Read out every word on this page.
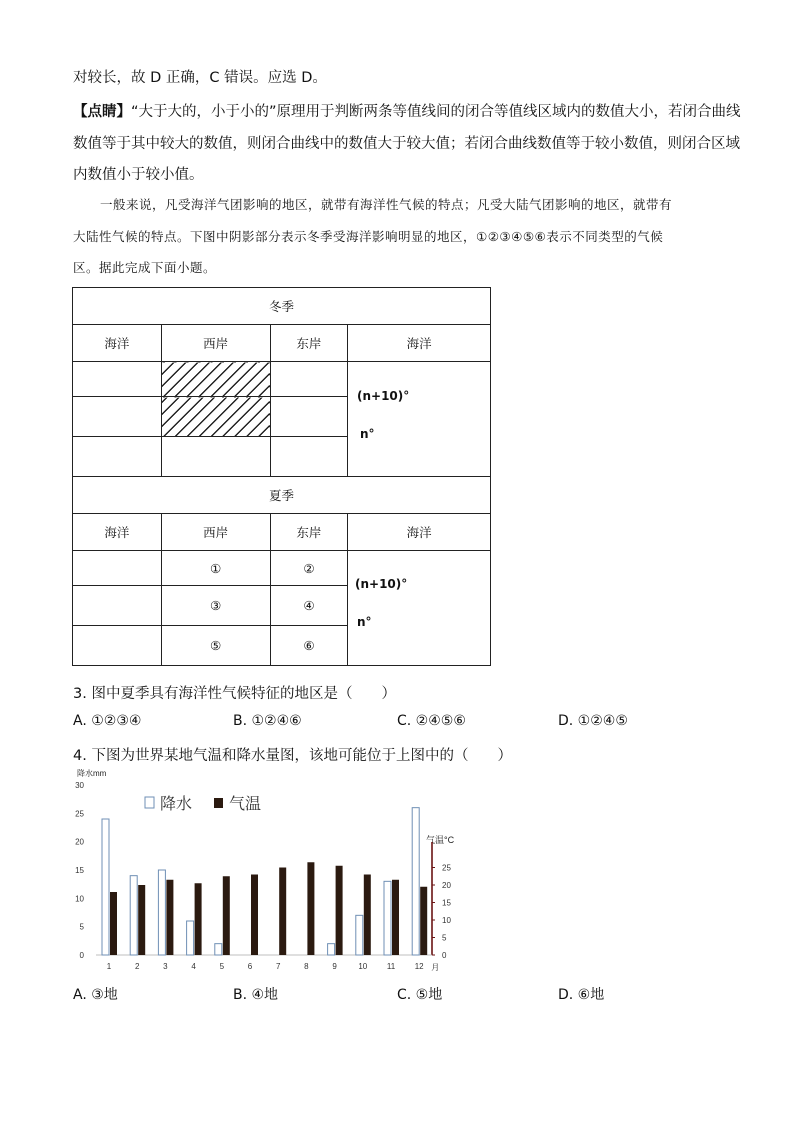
对较长，故 D 正确，C 错误。应选 D。
【点睛】“大于大的，小于小的”原理用于判断两条等值线间的闭合等值线区域内的数值大小，若闭合曲线
数值等于其中较大的数值，则闭合曲线中的数值大于较大值；若闭合曲线数值等于较小数值，则闭合区域
内数值小于较小值。
一般来说，凡受海洋气团影响的地区，就带有海洋性气候的特点；凡受大陆气团影响的地区，就带有
大陆性气候的特点。下图中阴影部分表示冬季受海洋影响明显的地区，①②③④⑤⑥表示不同类型的气候
区。据此完成下面小题。
冬季			
海洋	西岸	东岸	海洋

(n+10)°
n°
夏季			
海洋	西岸	东岸	海洋
	①	②	
	③	④	
	⑤	⑥	
(n+10)°
n°
3. 图中夏季具有海洋性气候特征的地区是（　　）
A. ①②③④	B. ①②④⑥	C. ②④⑤⑥	D. ①②④⑤
4. 下图为世界某地气温和降水量图，该地可能位于上图中的（　　）
降水mm
0
5
10
15
20
25
30
0
5
10
15
20
25
气温°C
1	2	3	4	5	6	7	8	9	10 11 12 月
降水 气温
A. ③地	B. ④地	C. ⑤地	D. ⑥地
